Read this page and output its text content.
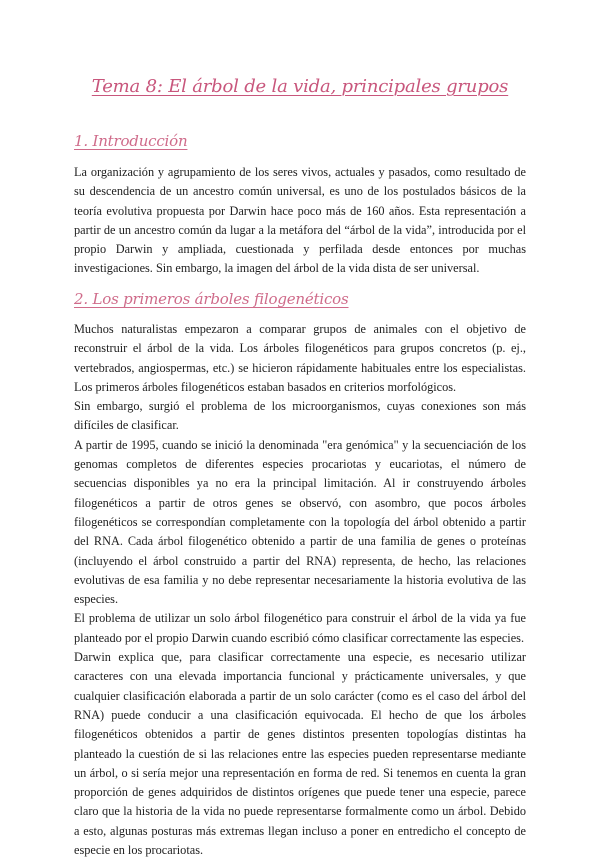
Tema 8: El árbol de la vida, principales grupos
1. Introducción

La organización y agrupamiento de los seres vivos, actuales y pasados, como resultado de su descendencia de un ancestro común universal, es uno de los postulados básicos de la teoría evolutiva propuesta por Darwin hace poco más de 160 años. Esta representación a partir de un ancestro común da lugar a la metáfora del “árbol de la vida”, introducida por el propio Darwin y ampliada, cuestionada y perfilada desde entonces por muchas investigaciones. Sin embargo, la imagen del árbol de la vida dista de ser universal.

2. Los primeros árboles filogenéticos

Muchos naturalistas empezaron a comparar grupos de animales con el objetivo de reconstruir el árbol de la vida. Los árboles filogenéticos para grupos concretos (p. ej., vertebrados, angiospermas, etc.) se hicieron rápidamente habituales entre los especialistas. Los primeros árboles filogenéticos estaban basados en criterios morfológicos.

Sin embargo, surgió el problema de los microorganismos, cuyas conexiones son más difíciles de clasificar.

A partir de 1995, cuando se inició la denominada "era genómica" y la secuenciación de los genomas completos de diferentes especies procariotas y eucariotas, el número de secuencias disponibles ya no era la principal limitación. Al ir construyendo árboles filogenéticos a partir de otros genes se observó, con asombro, que pocos árboles filogenéticos se correspondían completamente con la topología del árbol obtenido a partir del RNA. Cada árbol filogenético obtenido a partir de una familia de genes o proteínas (incluyendo el árbol construido a partir del RNA) representa, de hecho, las relaciones evolutivas de esa familia y no debe representar necesariamente la historia evolutiva de las especies.

El problema de utilizar un solo árbol filogenético para construir el árbol de la vida ya fue planteado por el propio Darwin cuando escribió cómo clasificar correctamente las especies.

Darwin explica que, para clasificar correctamente una especie, es necesario utilizar caracteres con una elevada importancia funcional y prácticamente universales, y que cualquier clasificación elaborada a partir de un solo carácter (como es el caso del árbol del RNA) puede conducir a una clasificación equivocada. El hecho de que los árboles filogenéticos obtenidos a partir de genes distintos presenten topologías distintas ha planteado la cuestión de si las relaciones entre las especies pueden representarse mediante un árbol, o si sería mejor una representación en forma de red. Si tenemos en cuenta la gran proporción de genes adquiridos de distintos orígenes que puede tener una especie, parece claro que la historia de la vida no puede representarse formalmente como un árbol. Debido a esto, algunas posturas más extremas llegan incluso a poner en entredicho el concepto de especie en los procariotas.
